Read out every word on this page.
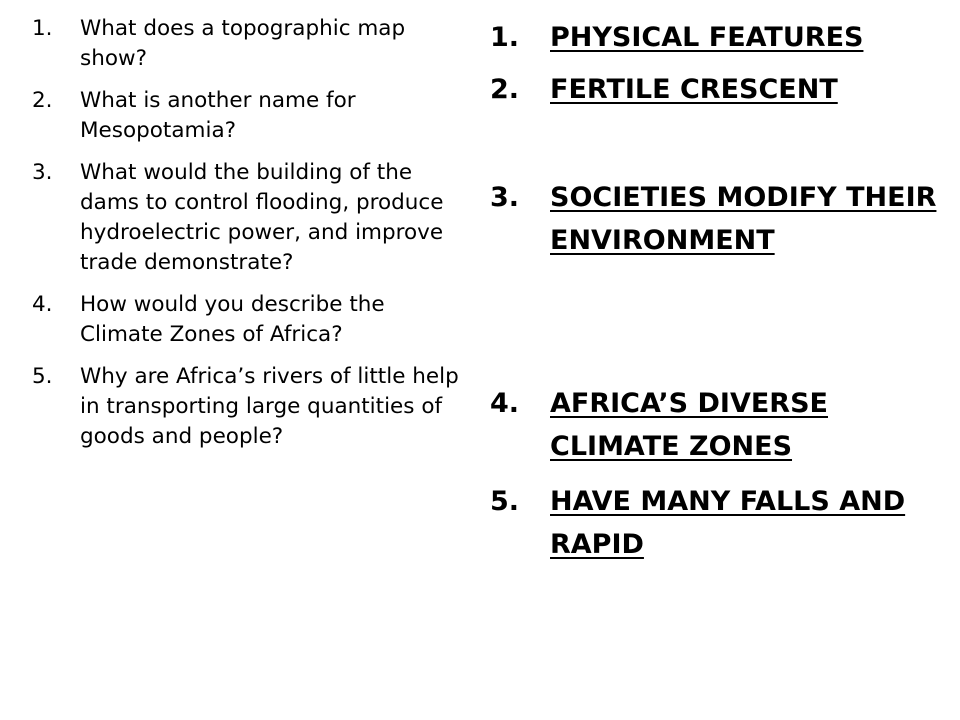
1.	What does a topographic map show?
2.	What is another name for Mesopotamia?
3.	What would the building of the dams to control flooding, produce hydroelectric power, and improve trade demonstrate?
4.	How would you describe the Climate Zones of Africa?
5.	Why are Africa’s rivers of little help in transporting large quantities of goods and people?
1.	PHYSICAL FEATURES
2.	FERTILE CRESCENT
3.	SOCIETIES MODIFY THEIR ENVIRONMENT
4.	AFRICA’S DIVERSE CLIMATE ZONES
5.	HAVE MANY FALLS AND RAPID
